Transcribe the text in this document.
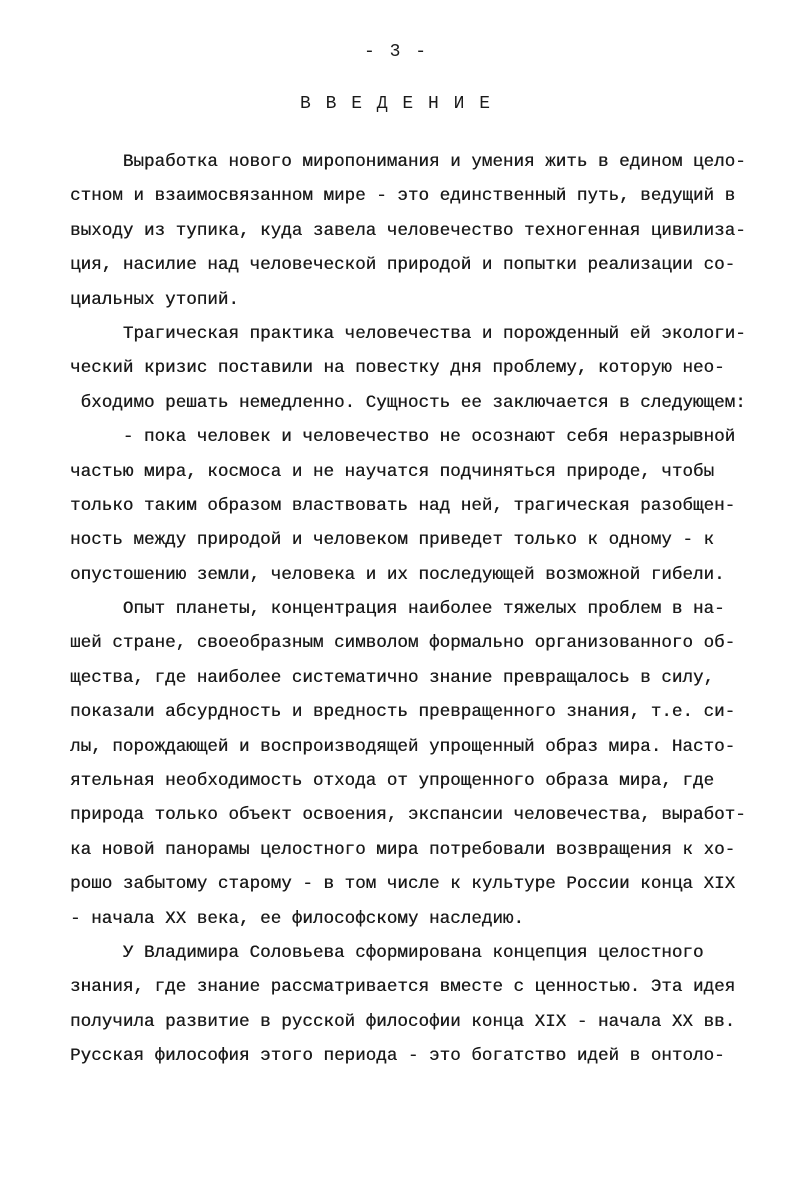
- 3 -
В В Е Д Е Н И Е
Выработка нового миропонимания и умения жить в едином цело-
стном и взаимосвязанном мире - это единственный путь, ведущий в
выходу из тупика, куда завела человечество техногенная цивилиза-
ция, насилие над человеческой природой и попытки реализации со-
циальных утопий.
Трагическая практика человечества и порожденный ей экологи-
ческий кризис поставили на повестку дня проблему, которую нео-
бходимо решать немедленно. Сущность ее заключается в следующем:
- пока человек и человечество не осознают себя неразрывной
частью мира, космоса и не научатся подчиняться природе, чтобы
только таким образом властвовать над ней, трагическая разобщен-
ность между природой и человеком приведет только к одному - к
опустошению земли, человека и их последующей возможной гибели.
Опыт планеты, концентрация наиболее тяжелых проблем в на-
шей стране, своеобразным символом формально организованного об-
щества, где наиболее систематично знание превращалось в силу,
показали абсурдность и вредность превращенного знания, т.е. си-
лы, порождающей и воспроизводящей упрощенный образ мира. Насто-
ятельная необходимость отхода от упрощенного образа мира, где
природа только объект освоения, экспансии человечества, выработ-
ка новой панорамы целостного мира потребовали возвращения к хо-
рошо забытому старому - в том числе к культуре России конца XIX
- начала XX века, ее философскому наследию.
У Владимира Соловьева сформирована концепция целостного
знания, где знание рассматривается вместе с ценностью. Эта идея
получила развитие в русской философии конца XIX - начала XX вв.
Русская философия этого периода - это богатство идей в онтоло-
